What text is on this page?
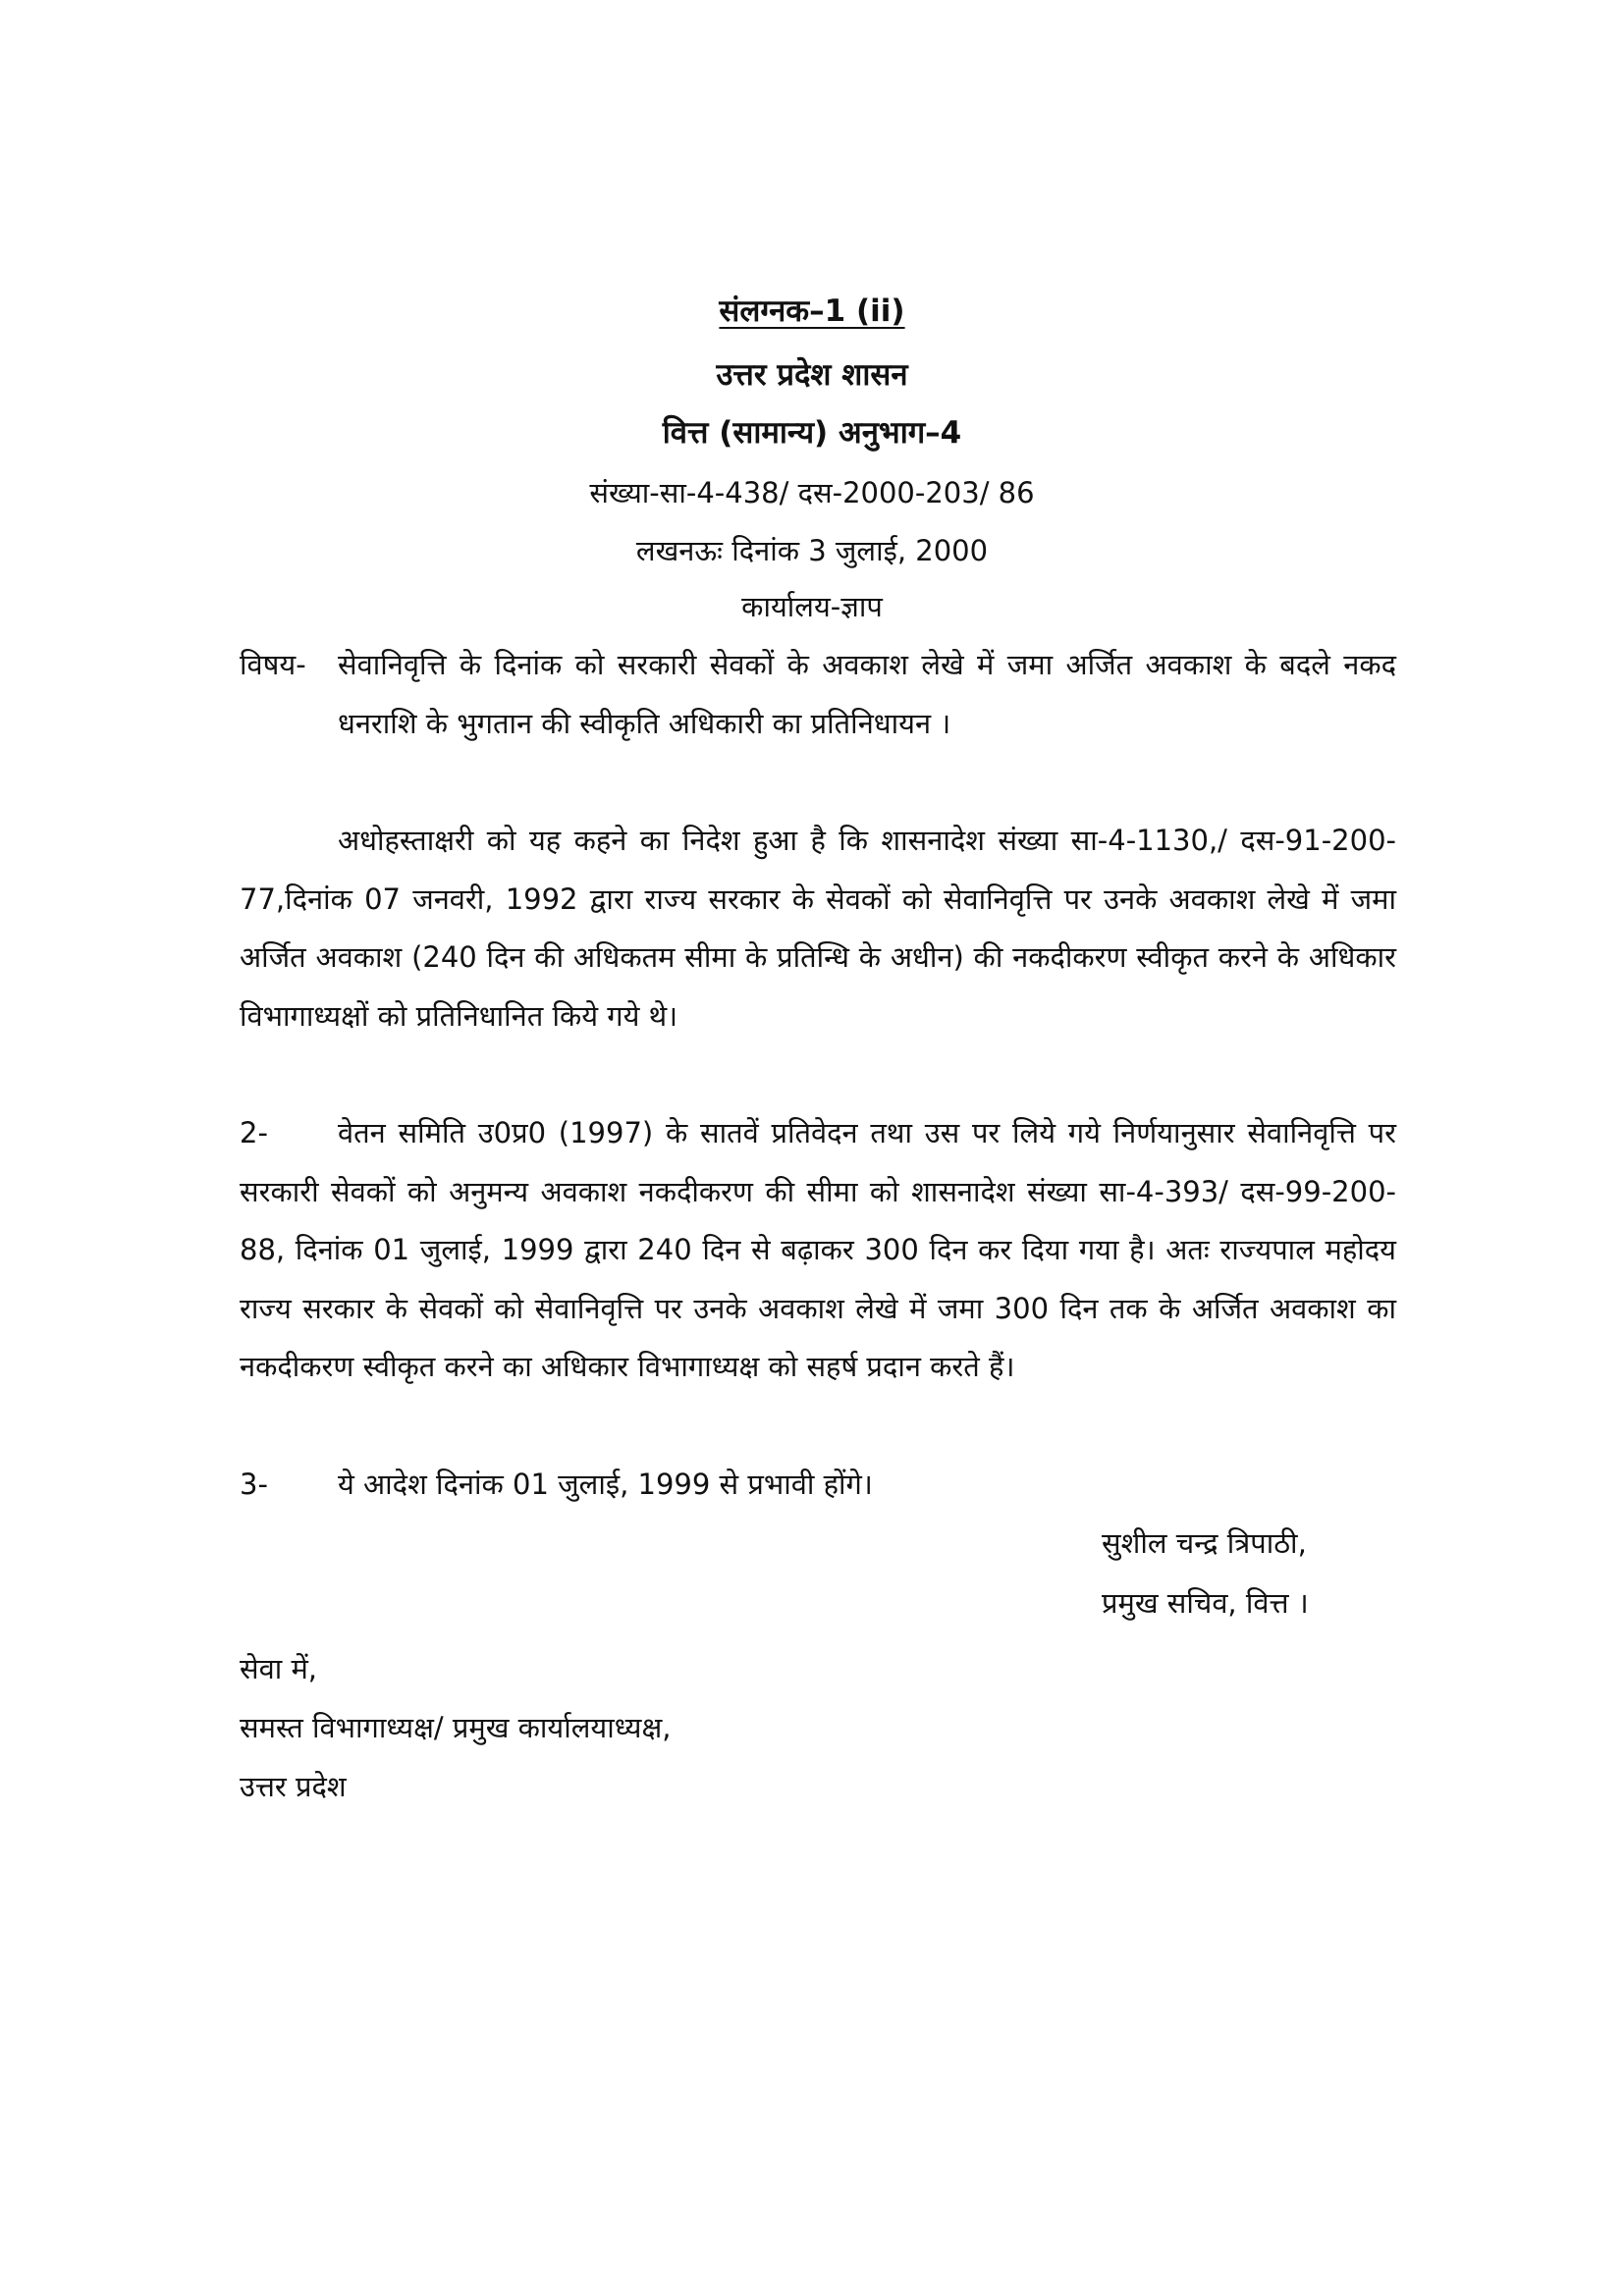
संलग्नक–1 (ii)
उत्तर प्रदेश शासन
वित्त (सामान्य) अनुभाग–4
संख्या-सा-4-438/ दस-2000-203/ 86
लखनऊः दिनांक 3 जुलाई, 2000
कार्यालय-ज्ञाप
विषय-	सेवानिवृत्ति के दिनांक को सरकारी सेवकों के अवकाश लेखे में जमा अर्जित अवकाश के बदले नकद धनराशि के भुगतान की स्वीकृति अधिकारी का प्रतिनिधायन ।
अधोहस्ताक्षरी को यह कहने का निदेश हुआ है कि शासनादेश संख्या सा-4-1130,/ दस-91-200-77,दिनांक 07 जनवरी, 1992 द्वारा राज्य सरकार के सेवकों को सेवानिवृत्ति पर उनके अवकाश लेखे में जमा अर्जित अवकाश (240 दिन की अधिकतम सीमा के प्रतिन्धि के अधीन) की नकदीकरण स्वीकृत करने के अधिकार विभागाध्यक्षों को प्रतिनिधानित किये गये थे।
2-	वेतन समिति उ0प्र0 (1997) के सातवें प्रतिवेदन तथा उस पर लिये गये निर्णयानुसार सेवानिवृत्ति पर सरकारी सेवकों को अनुमन्य अवकाश नकदीकरण की सीमा को शासनादेश संख्या सा-4-393/ दस-99-200-88, दिनांक 01 जुलाई, 1999 द्वारा 240 दिन से बढ़ाकर 300 दिन कर दिया गया है। अतः राज्यपाल महोदय राज्य सरकार के सेवकों को सेवानिवृत्ति पर उनके अवकाश लेखे में जमा 300 दिन तक के अर्जित अवकाश का नकदीकरण स्वीकृत करने का अधिकार विभागाध्यक्ष को सहर्ष प्रदान करते हैं।
3-	ये आदेश दिनांक 01 जुलाई, 1999 से प्रभावी होंगे।
सुशील चन्द्र त्रिपाठी,
प्रमुख सचिव, वित्त ।
सेवा में,
समस्त विभागाध्यक्ष/ प्रमुख कार्यालयाध्यक्ष,
उत्तर प्रदेश
